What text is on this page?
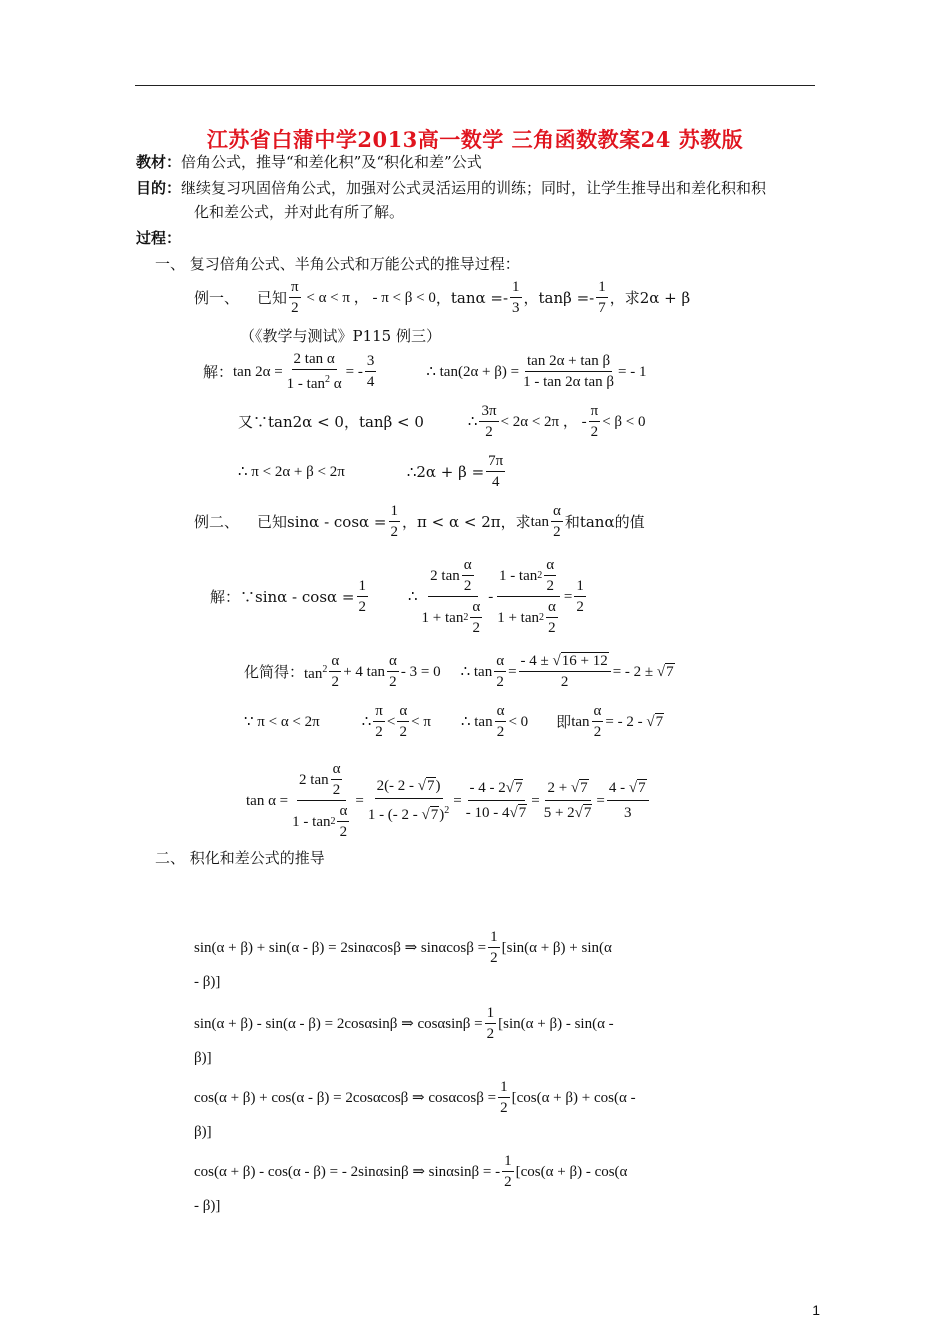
江苏省白蒲中学2013高一数学 三角函数教案24 苏教版
教材：倍角公式，推导“和差化积”及“积化和差”公式
目的：继续复习巩固倍角公式，加强对公式灵活运用的训练；同时，让学生推导出和差化积和积
化和差公式，并对此有所了解。
过程：
一、 复习倍角公式、半角公式和万能公式的推导过程：
例一、 已知 $\frac{\pi}{2} < \alpha < \pi$ ， - π < β < 0 ，$\tan\alpha =- \frac{1}{3}$ ，$\tan\beta =- \frac{1}{7}$ ，求2α + β
（《教学与测试》P115 例三）
解： $\tan 2\alpha = \frac{\text{2 tan α}}{1 - \tan^2 \alpha}$ = - $\frac{3}{4}$	∴ $\tan(2\alpha + \beta) = \frac{\text{tan 2α + tan β}}{\text{1 - tan 2α tan β}}$ = - 1
又∵tan2α < 0，tanβ < 0	∴ $\frac{3\pi}{2} < 2\alpha < 2\pi$ ， - $\frac{\pi}{2} < \beta < 0$
∴ π < 2α + β < 2π	∴2α + $\beta = \frac{7\pi}{4}$
例二、 已知$\sin\alpha - \cos\alpha = \frac{1}{2}$ ，π < α < 2π，求 $\tan \frac{\alpha}{2}$ 和tanα的值
解：∵sinα - $\cos\alpha = \frac{1}{2}$	∴ $\frac{2 \tan \frac{\alpha}{2}}{1 + \tan 2 \frac{\alpha}{2}} - \frac{1 - \tan 2 \frac{\alpha}{2}}{1 + \tan 2 \frac{\alpha}{2}} = \frac{1}{2}$
化简得： $\tan^2 \frac{\alpha}{2} + 4$ $\tan \frac{\alpha}{2} - 3 = 0$ ∴ $\tan \frac{\alpha}{2} = \frac{- 4 \pm √16 + 12}{2}$ = - 2 ± √7
∵ π < α < 2π	∴ $\frac{\pi}{2} < \frac{\alpha}{2} < \pi$ ∴ $\tan \frac{\alpha}{2} < 0$ 即 $\tan \frac{\alpha}{2}$ = - 2 - √7
$\tan \alpha = \frac{2 \tan \frac{\alpha}{2}}{1 - \tan 2 \frac{\alpha}{2}} = \frac{2(- 2 - √7)}{1 - (- 2 - √7)^2} = \frac{- 4 - 2√7}{- 10 - 4√7} = \frac{2 + √7}{5 + 2√7} = \frac{4 - √7}{3}$
二、 积化和差公式的推导
sin(α + β) + sin(α - β) = 2sinαcosβ ⇒ $\sin\alpha\cos\beta = \frac{1}{2} [\sin(\alpha + \beta) + \sin(\alpha$
- β)]
sin(α + β) - sin(α - β) = 2cosαsinβ ⇒ $\cos\alpha\sin\beta = \frac{1}{2} [\sin(\alpha + \beta) - \sin(\alpha$ -
β)]
cos(α + β) + cos(α - β) = 2cosαcosβ ⇒ $\cos\alpha\cos\beta = \frac{1}{2} [\cos(\alpha + \beta) + \cos(\alpha$ -
β)]
cos(α + β) - cos(α - β) = - 2sinαsinβ ⇒ sinαsinβ = - $\frac{1}{2} [\cos(\alpha + \beta) - \cos(\alpha$
- β)]
1
